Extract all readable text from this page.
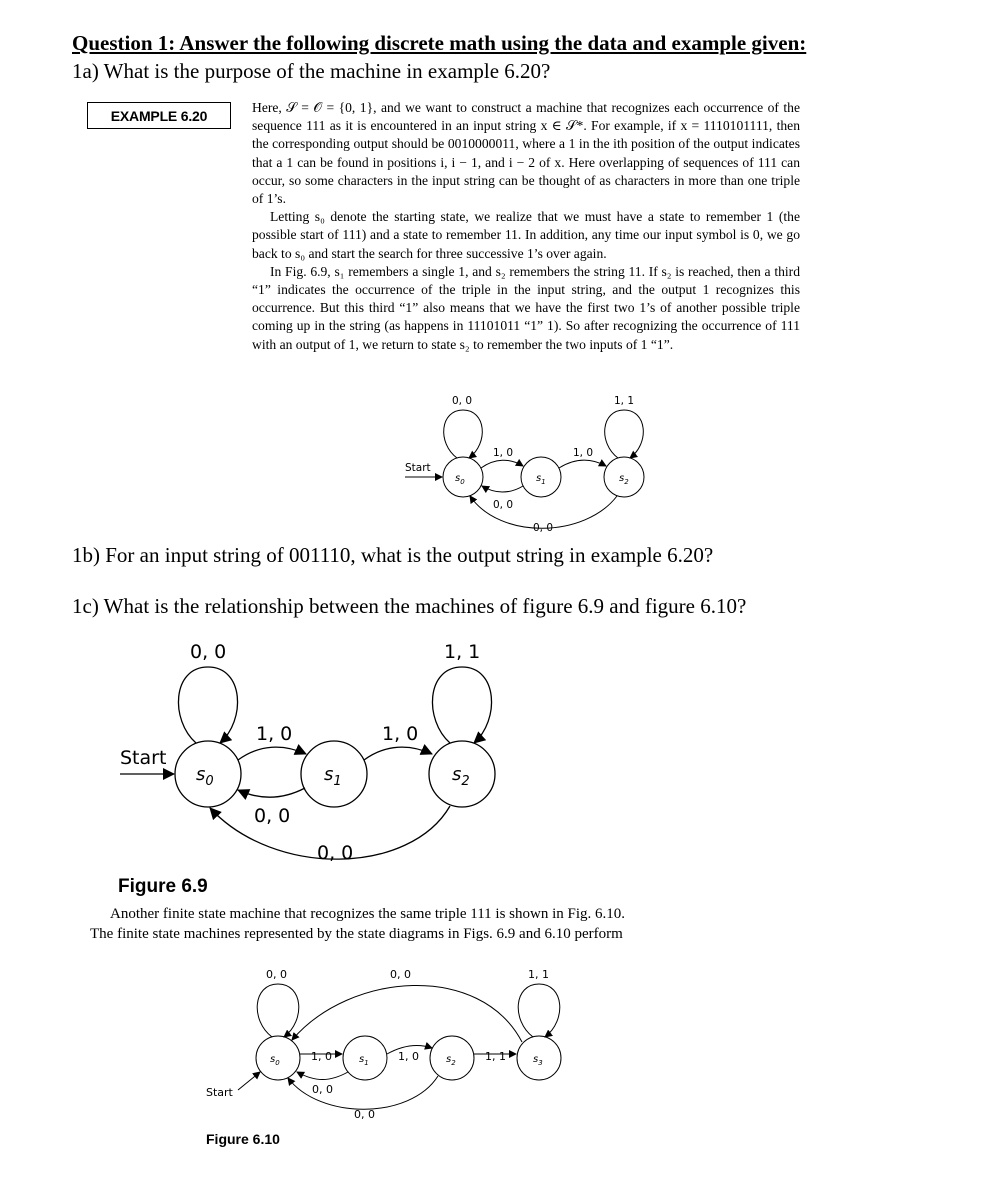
Question 1: Answer the following discrete math using the data and example given:
1a) What is the purpose of the machine in example 6.20?
EXAMPLE 6.20	Here, 𝒮 = 𝒪 = {0, 1}, and we want to construct a machine that recognizes each occurrence of the sequence 111 as it is encountered in an input string x ∈ 𝒮*. For example, if x = 1110101111, then the corresponding output should be 0010000011, where a 1 in the ith position of the output indicates that a 1 can be found in positions i, i − 1, and i − 2 of x. Here overlapping of sequences of 111 can occur, so some characters in the input string can be thought of as characters in more than one triple of 1’s.

Letting s₀ denote the starting state, we realize that we must have a state to remember 1 (the possible start of 111) and a state to remember 11. In addition, any time our input symbol is 0, we go back to s₀ and start the search for three successive 1’s over again.

In Fig. 6.9, s₁ remembers a single 1, and s₂ remembers the string 11. If s₂ is reached, then a third “1” indicates the occurrence of the triple in the input string, and the output 1 recognizes this occurrence. But this third “1” also means that we have the first two 1’s of another possible triple coming up in the string (as happens in 11101011 “1” 1). So after recognizing the occurrence of 111 with an output of 1, we return to state s₂ to remember the two inputs of 1 “1”.

Start
0, 0	1, 1
1, 0	1, 0
0, 0
0, 0
$s_0$	$s_1$	$s_2$
1b) For an input string of 001110, what is the output string in example 6.20?
1c) What is the relationship between the machines of figure 6.9 and figure 6.10?
Start
0, 0	1, 1
1, 0	1, 0
0, 0
0, 0
$s_0$	$s_1$	$s_2$
Figure 6.9
Another finite state machine that recognizes the same triple 111 is shown in Fig. 6.10.
The finite state machines represented by the state diagrams in Figs. 6.9 and 6.10 perform
Start
0, 0	0, 0	1, 1
1, 0	1, 0	1, 1
0, 0
0, 0
$s_0$	$s_1$	$s_2$	$s_3$
Figure 6.10
